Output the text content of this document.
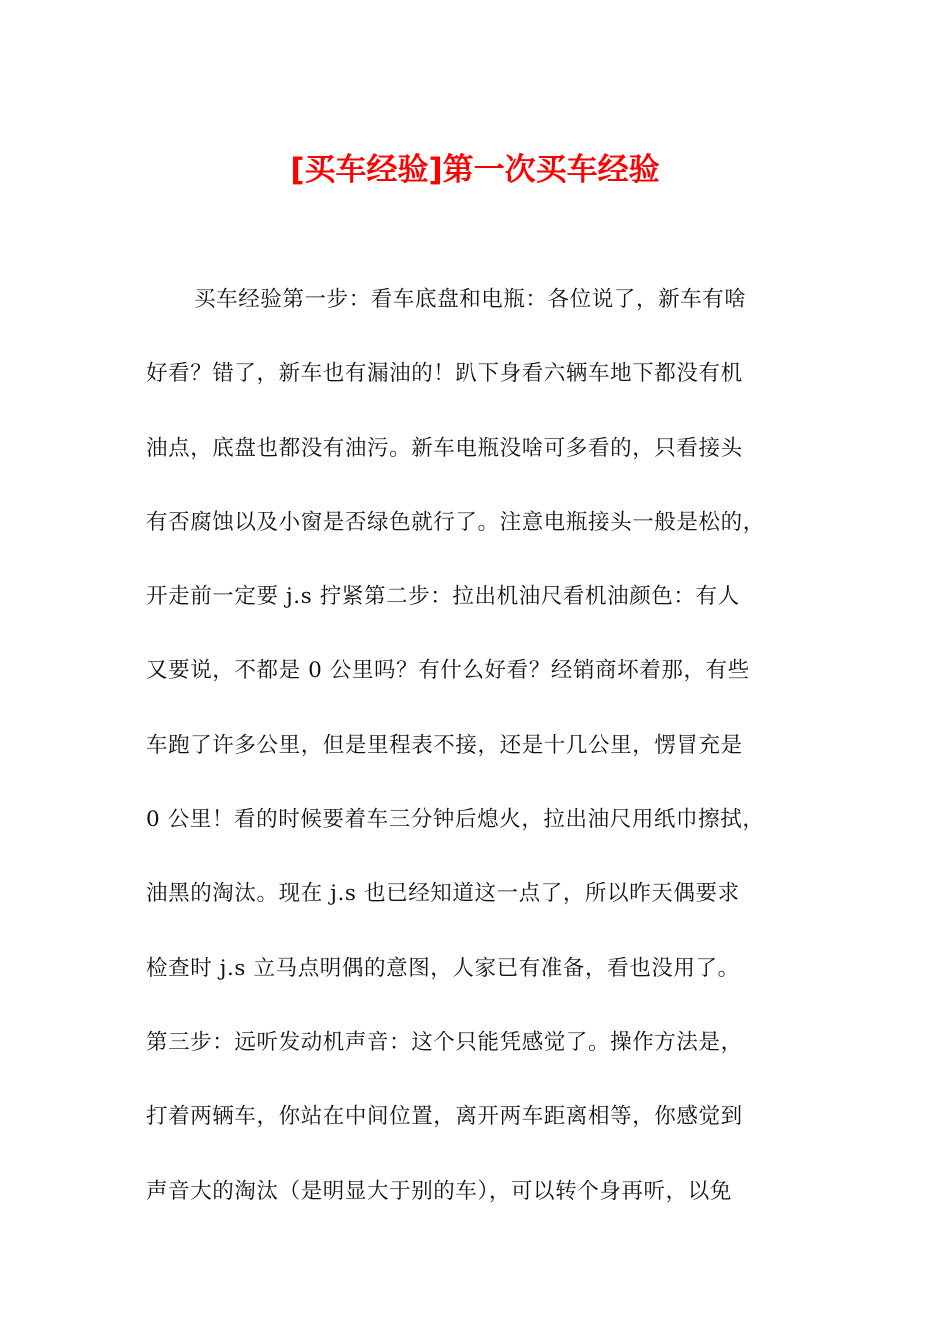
[买车经验]第一次买车经验
买车经验第一步：看车底盘和电瓶：各位说了，新车有啥
好看？错了，新车也有漏油的！趴下身看六辆车地下都没有机
油点，底盘也都没有油污。新车电瓶没啥可多看的，只看接头
有否腐蚀以及小窗是否绿色就行了。注意电瓶接头一般是松的，
开走前一定要 j.s 拧紧第二步：拉出机油尺看机油颜色：有人
又要说，不都是 0 公里吗？有什么好看？经销商坏着那，有些
车跑了许多公里，但是里程表不接，还是十几公里，愣冒充是
0 公里！看的时候要着车三分钟后熄火，拉出油尺用纸巾擦拭，
油黑的淘汰。现在 j.s 也已经知道这一点了，所以昨天偶要求
检查时 j.s 立马点明偶的意图，人家已有准备，看也没用了。
第三步：远听发动机声音：这个只能凭感觉了。操作方法是，
打着两辆车，你站在中间位置，离开两车距离相等，你感觉到
声音大的淘汰（是明显大于别的车），可以转个身再听，以免
